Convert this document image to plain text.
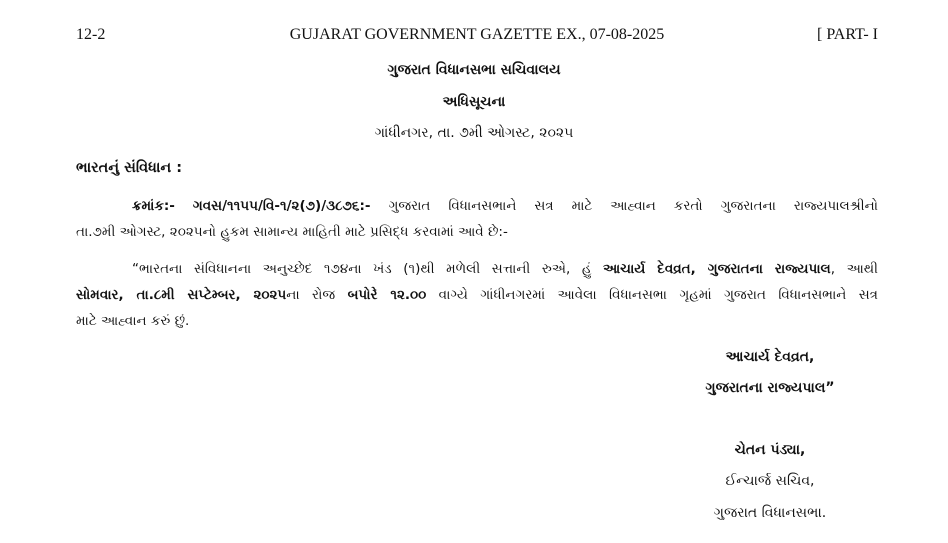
12-2	GUJARAT GOVERNMENT GAZETTE EX., 07-08-2025	[ PART- I
ગુજરાત વિધાનસભા સચિવાલય
અધિસૂચના
ગાંધીનગર, તા. ૭મી ઓગસ્ટ, ૨૦૨૫
ભારતનું સંવિધાન :
ક્રમાંક:- ગવસ/૧૧૫૫/વિ-૧/૨(૭)/૩૮૭૬:- ગુજરાત વિધાનસભાને સત્ર માટે આહ્વાન કરતો ગુજરાતના રાજ્યપાલશ્રીનો
તા.૭મી ઓગસ્ટ, ૨૦૨૫નો હુકમ સામાન્ય માહિતી માટે પ્રસિદ્ધ કરવામાં આવે છે:-
“ભારતના સંવિધાનના અનુચ્છેદ ૧૭૪ના ખંડ (૧)થી મળેલી સત્તાની રુએ, હું આચાર્ય દેવવ્રત, ગુજરાતના રાજ્યપાલ, આથી
સોમવાર, તા.૮મી સપ્ટેમ્બર, ૨૦૨૫ના રોજ બપોરે ૧૨.૦૦ વાગ્યે ગાંધીનગરમાં આવેલા વિધાનસભા ગૃહમાં ગુજરાત વિધાનસભાને સત્ર
માટે આહ્વાન કરું છું.
આચાર્ય દેવવ્રત,
ગુજરાતના રાજ્યપાલ”
ચેતન પંડ્યા,
ઈન્ચાર્જ સચિવ,
ગુજરાત વિધાનસભા.
